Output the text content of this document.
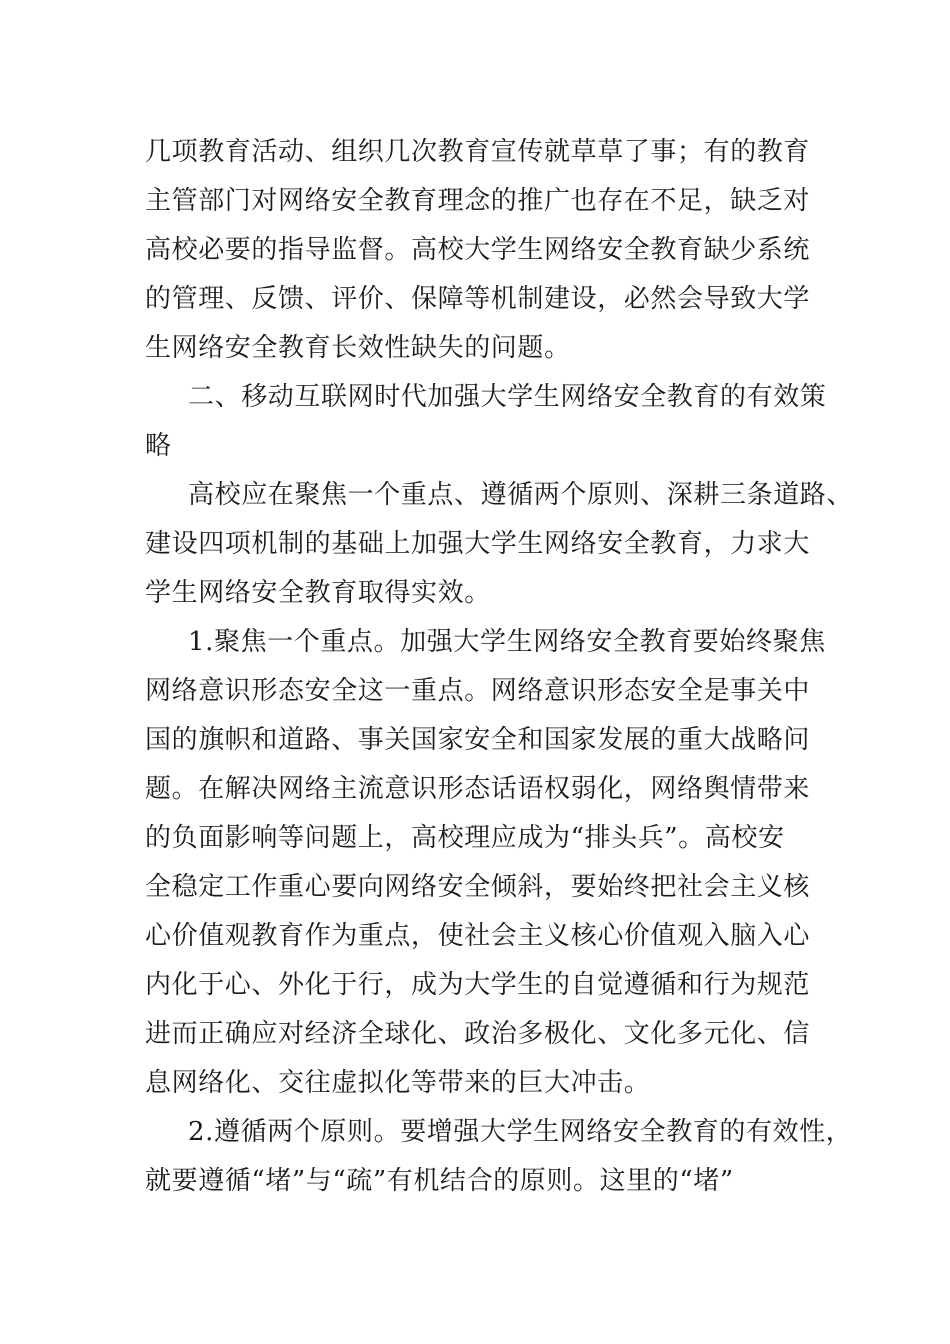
几项教育活动、组织几次教育宣传就草草了事；有的教育
主管部门对网络安全教育理念的推广也存在不足，缺乏对
高校必要的指导监督。高校大学生网络安全教育缺少系统
的管理、反馈、评价、保障等机制建设，必然会导致大学
生网络安全教育长效性缺失的问题。
二、移动互联网时代加强大学生网络安全教育的有效策
略
高校应在聚焦一个重点、遵循两个原则、深耕三条道路、
建设四项机制的基础上加强大学生网络安全教育，力求大
学生网络安全教育取得实效。
1.聚焦一个重点。加强大学生网络安全教育要始终聚焦
网络意识形态安全这一重点。网络意识形态安全是事关中
国的旗帜和道路、事关国家安全和国家发展的重大战略问
题。在解决网络主流意识形态话语权弱化，网络舆情带来
的负面影响等问题上，高校理应成为“排头兵”。高校安
全稳定工作重心要向网络安全倾斜，要始终把社会主义核
心价值观教育作为重点，使社会主义核心价值观入脑入心
内化于心、外化于行，成为大学生的自觉遵循和行为规范
进而正确应对经济全球化、政治多极化、文化多元化、信
息网络化、交往虚拟化等带来的巨大冲击。
2.遵循两个原则。要增强大学生网络安全教育的有效性，
就要遵循“堵”与“疏”有机结合的原则。这里的“堵”
